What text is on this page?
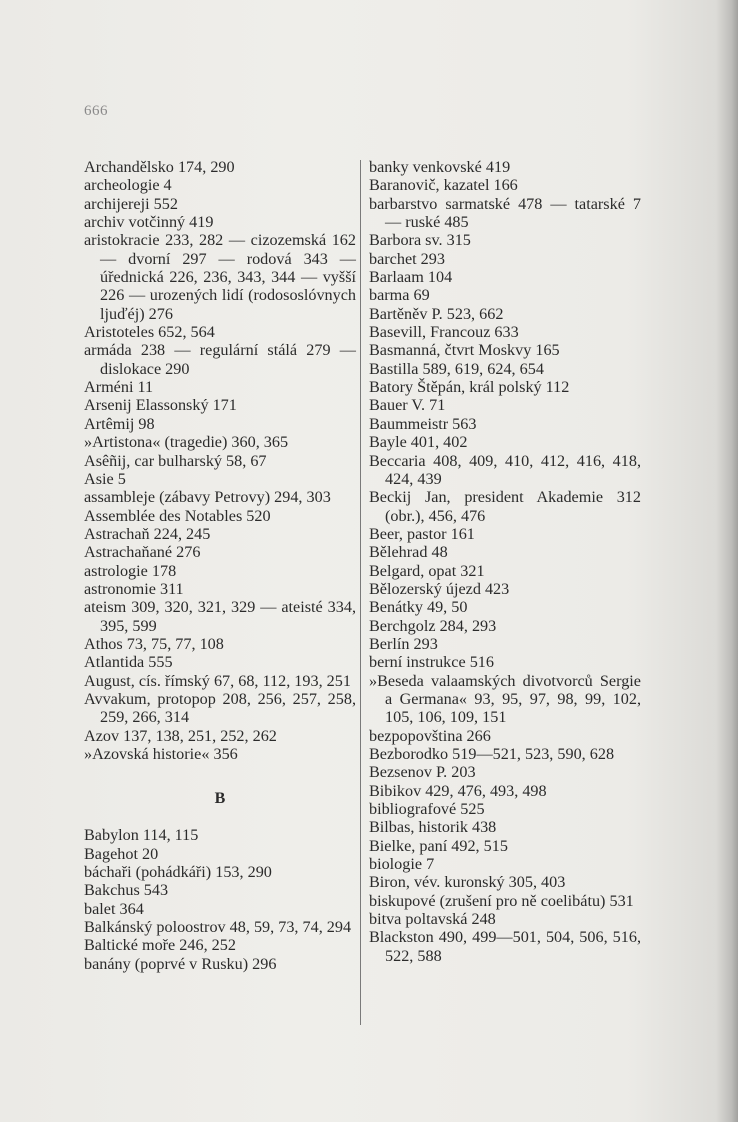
666

Archandělsko 174, 290

archeologie 4

archijereji 552

archiv votčinný 419

aristokracie 233, 282 — cizozemská 162 — dvorní 297 — rodová 343 — úřednická 226, 236, 343, 344 — vyšší 226 — urozených lidí (rodososlóvnych ljuďéj) 276

Aristoteles 652, 564

armáda 238 — regulární stálá 279 — dislokace 290

Arméni 11

Arsenij Elassonský 171

Artêmij 98

»Artistona« (tragedie) 360, 365

Asêñij, car bulharský 58, 67

Asie 5

assambleje (zábavy Petrovy) 294, 303

Assemblée des Notables 520

Astrachaň 224, 245

Astrachaňané 276

astrologie 178

astronomie 311

ateism 309, 320, 321, 329 — ateisté 334, 395, 599

Athos 73, 75, 77, 108

Atlantida 555

August, cís. římský 67, 68, 112, 193, 251

Avvakum, protopop 208, 256, 257, 258, 259, 266, 314

Azov 137, 138, 251, 252, 262

»Azovská historie« 356

B

Babylon 114, 115

Bagehot 20

báchaři (pohádkáři) 153, 290

Bakchus 543

balet 364

Balkánský poloostrov 48, 59, 73, 74, 294

Baltické moře 246, 252

banány (poprvé v Rusku) 296

banky venkovské 419

Baranovič, kazatel 166

barbarstvo sarmatské 478 — tatarské 7 — ruské 485

Barbora sv. 315

barchet 293

Barlaam 104

barma 69

Bartěněv P. 523, 662

Basevill, Francouz 633

Basmanná, čtvrt Moskvy 165

Bastilla 589, 619, 624, 654

Batory Štěpán, král polský 112

Bauer V. 71

Baummeistr 563

Bayle 401, 402

Beccaria 408, 409, 410, 412, 416, 418, 424, 439

Beckij Jan, president Akademie 312 (obr.), 456, 476

Beer, pastor 161

Bělehrad 48

Belgard, opat 321

Bělozerský újezd 423

Benátky 49, 50

Berchgolz 284, 293

Berlín 293

berní instrukce 516

»Beseda valaamských divotvorců Sergie a Germana« 93, 95, 97, 98, 99, 102, 105, 106, 109, 151

bezpopovština 266

Bezborodko 519—521, 523, 590, 628

Bezsenov P. 203

Bibikov 429, 476, 493, 498

bibliografové 525

Bilbas, historik 438

Bielke, paní 492, 515

biologie 7

Biron, vév. kuronský 305, 403

biskupové (zrušení pro ně coelibátu) 531

bitva poltavská 248

Blackston 490, 499—501, 504, 506, 516, 522, 588
